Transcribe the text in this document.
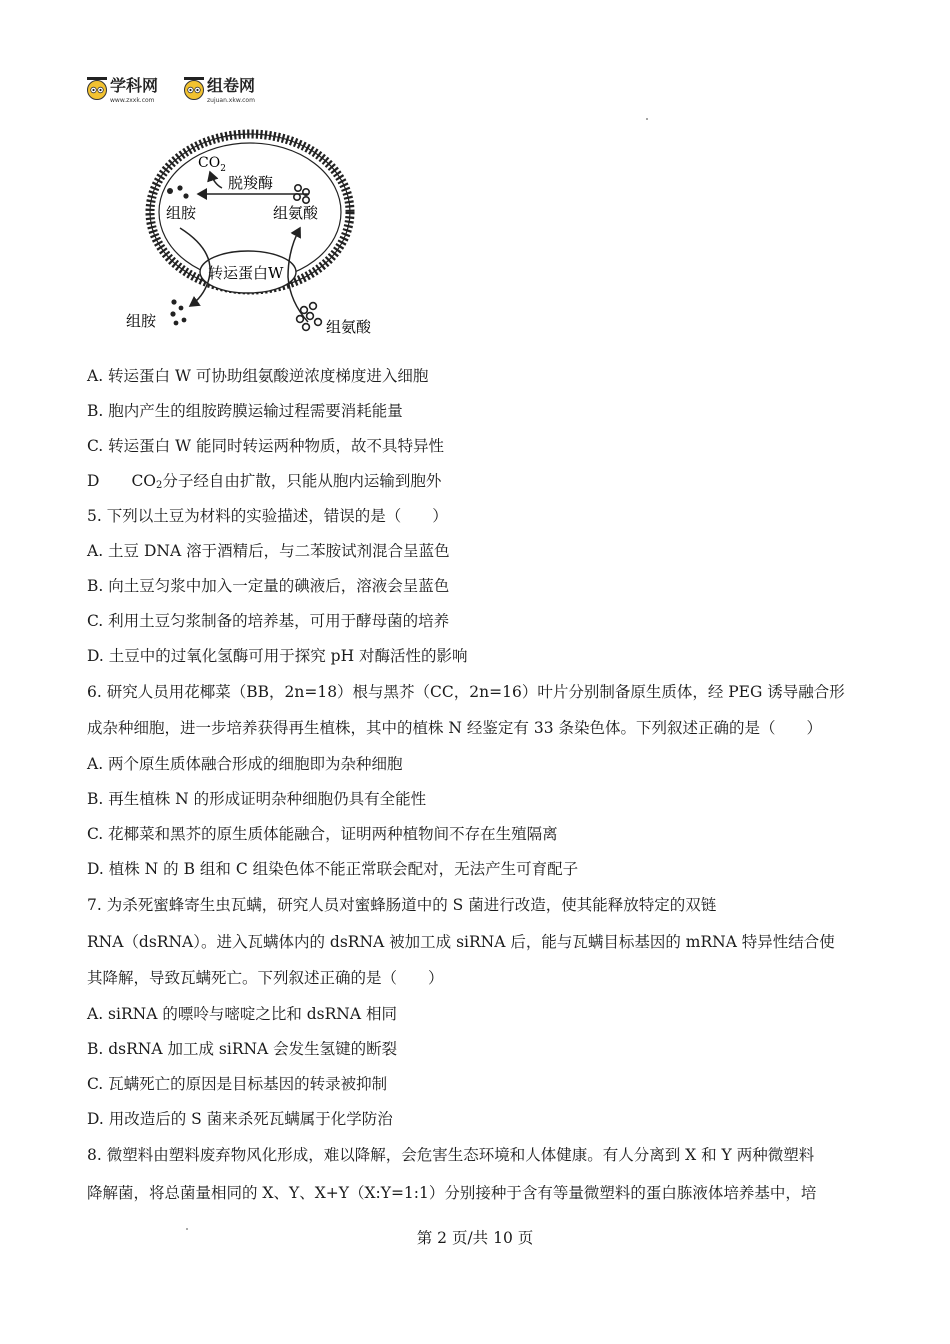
学科网
www.zxxk.com
组卷网
zujuan.xkw.com
$CO_2$
脱羧酶
组胺	组氨酸
转运蛋白W
组胺	组氨酸
A. 转运蛋白 W 可协助组氨酸逆浓度梯度进入细胞
B. 胞内产生的组胺跨膜运输过程需要消耗能量
C. 转运蛋白 W 能同时转运两种物质，故不具特异性
D $CO_2$分子经自由扩散，只能从胞内运输到胞外
5. 下列以土豆为材料的实验描述，错误的是（　　）
A. 土豆 DNA 溶于酒精后，与二苯胺试剂混合呈蓝色
B. 向土豆匀浆中加入一定量的碘液后，溶液会呈蓝色
C. 利用土豆匀浆制备的培养基，可用于酵母菌的培养
D. 土豆中的过氧化氢酶可用于探究 pH 对酶活性的影响
6. 研究人员用花椰菜（BB，2n=18）根与黑芥（CC，2n=16）叶片分别制备原生质体，经 PEG 诱导融合形
成杂种细胞，进一步培养获得再生植株，其中的植株 N 经鉴定有 33 条染色体。下列叙述正确的是（　　）
A. 两个原生质体融合形成的细胞即为杂种细胞
B. 再生植株 N 的形成证明杂种细胞仍具有全能性
C. 花椰菜和黑芥的原生质体能融合，证明两种植物间不存在生殖隔离
D. 植株 N 的 B 组和 C 组染色体不能正常联会配对，无法产生可育配子
7. 为杀死蜜蜂寄生虫瓦螨，研究人员对蜜蜂肠道中的 S 菌进行改造，使其能释放特定的双链
RNA（dsRNA）。进入瓦螨体内的 dsRNA 被加工成 siRNA 后，能与瓦螨目标基因的 mRNA 特异性结合使
其降解，导致瓦螨死亡。下列叙述正确的是（　　）
A. siRNA 的嘌呤与嘧啶之比和 dsRNA 相同
B. dsRNA 加工成 siRNA 会发生氢键的断裂
C. 瓦螨死亡的原因是目标基因的转录被抑制
D. 用改造后的 S 菌来杀死瓦螨属于化学防治
8. 微塑料由塑料废弃物风化形成，难以降解，会危害生态环境和人体健康。有人分离到 X 和 Y 两种微塑料
降解菌，将总菌量相同的 X、Y、X+Y（X:Y=1:1）分别接种于含有等量微塑料的蛋白胨液体培养基中，培
第 2 页/共 10 页
